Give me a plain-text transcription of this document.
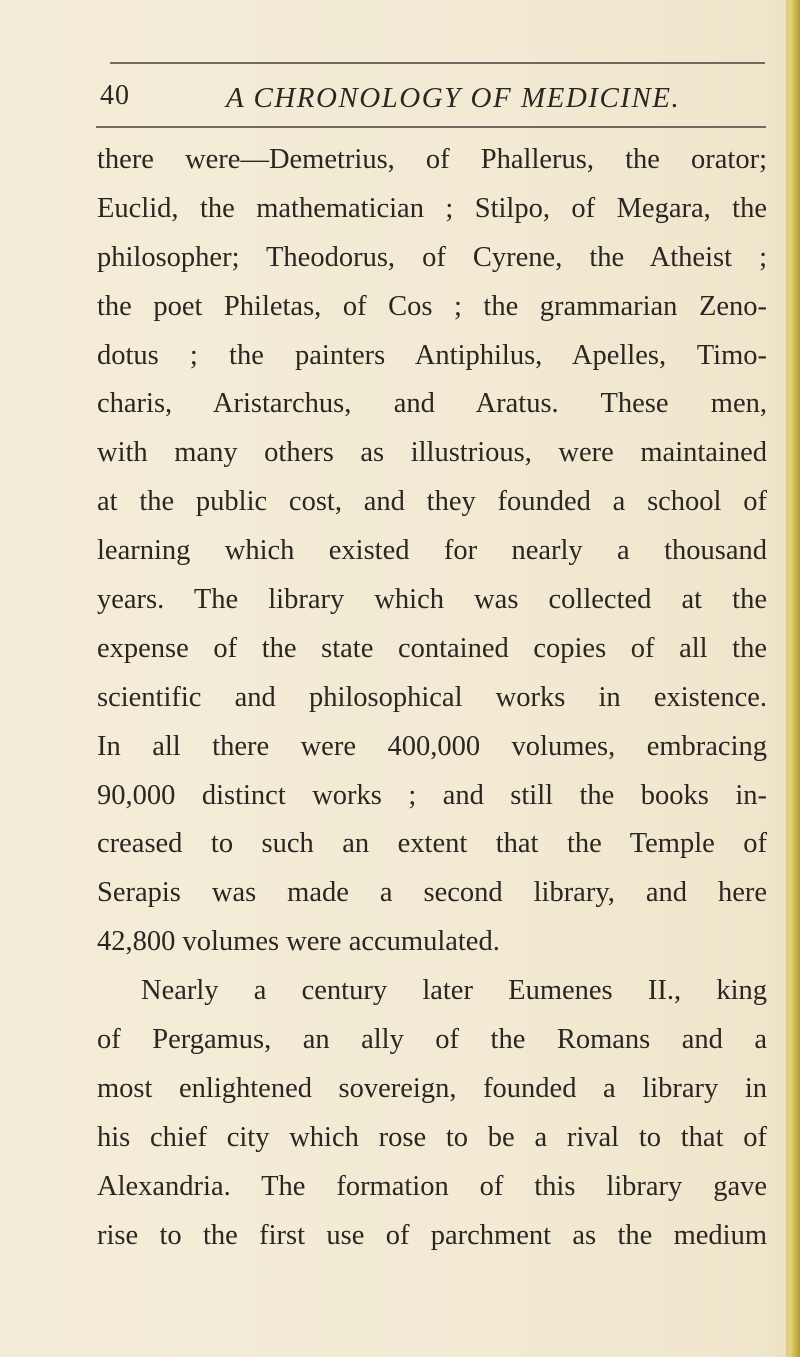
40	A CHRONOLOGY OF MEDICINE.
there were—Demetrius, of Phallerus, the orator;
Euclid, the mathematician ; Stilpo, of Megara, the
philosopher; Theodorus, of Cyrene, the Atheist ;
the poet Philetas, of Cos ; the grammarian Zeno-
dotus ; the painters Antiphilus, Apelles, Timo-
charis, Aristarchus, and Aratus. These men,
with many others as illustrious, were maintained
at the public cost, and they founded a school of
learning which existed for nearly a thousand
years. The library which was collected at the
expense of the state contained copies of all the
scientific and philosophical works in existence.
In all there were 400,000 volumes, embracing
90,000 distinct works ; and still the books in-
creased to such an extent that the Temple of
Serapis was made a second library, and here
42,800 volumes were accumulated.
Nearly a century later Eumenes II., king
of Pergamus, an ally of the Romans and a
most enlightened sovereign, founded a library in
his chief city which rose to be a rival to that of
Alexandria. The formation of this library gave
rise to the first use of parchment as the medium
